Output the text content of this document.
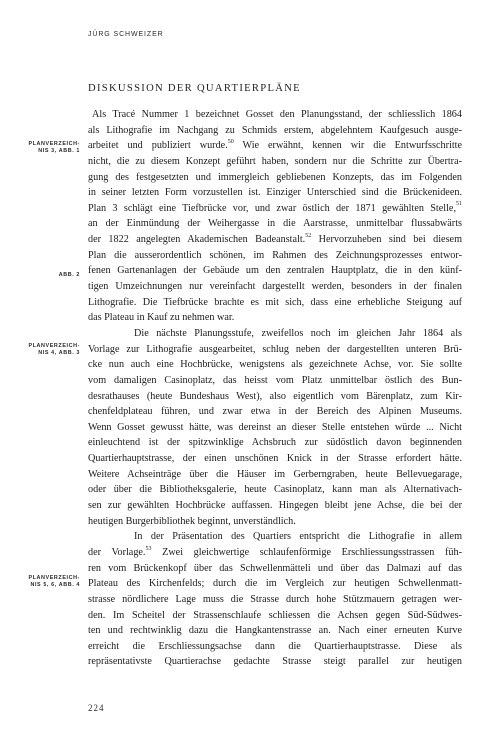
JÜRG SCHWEIZER
DISKUSSION DER QUARTIERPLÄNE
PLANVERZEICH-
NIS 3, ABB. 1
ABB. 2
PLANVERZEICH-
NIS 4, ABB. 3
PLANVERZEICH-
NIS 5, 6, ABB. 4
Als Tracé Nummer 1 bezeichnet Gosset den Planungsstand, der schliesslich 1864
als Lithografie im Nachgang zu Schmids erstem, abgelehntem Kaufgesuch ausge-
arbeitet und publiziert wurde.$^{50}$ Wie erwähnt, kennen wir die Entwurfsschritte
nicht, die zu diesem Konzept geführt haben, sondern nur die Schritte zur Übertra-
gung des festgesetzten und immergleich gebliebenen Konzepts, das im Folgenden
in seiner letzten Form vorzustellen ist. Einziger Unterschied sind die Brückenideen.
Plan 3 schlägt eine Tiefbrücke vor, und zwar östlich der 1871 gewählten Stelle,$^{51}$
an der Einmündung der Weihergasse in die Aarstrasse, unmittelbar flussabwärts
der 1822 angelegten Akademischen Badeanstalt.$^{52}$ Hervorzuheben sind bei diesem
Plan die ausserordentlich schönen, im Rahmen des Zeichnungsprozesses entwor-
fenen Gartenanlagen der Gebäude um den zentralen Hauptplatz, die in den künf-
tigen Umzeichnungen nur vereinfacht dargestellt werden, besonders in der finalen
Lithografie. Die Tiefbrücke brachte es mit sich, dass eine erhebliche Steigung auf
das Plateau in Kauf zu nehmen war.
Die nächste Planungsstufe, zweifellos noch im gleichen Jahr 1864 als
Vorlage zur Lithografie ausgearbeitet, schlug neben der dargestellten unteren Brü-
cke nun auch eine Hochbrücke, wenigstens als gezeichnete Achse, vor. Sie sollte
vom damaligen Casinoplatz, das heisst vom Platz unmittelbar östlich des Bun-
desrathauses (heute Bundeshaus West), also eigentlich vom Bärenplatz, zum Kir-
chenfeldplateau führen, und zwar etwa in der Bereich des Alpinen Museums.
Wenn Gosset gewusst hätte, was dereinst an dieser Stelle entstehen würde ... Nicht
einleuchtend ist der spitzwinklige Achsbruch zur südöstlich davon beginnenden
Quartierhauptstrasse, der einen unschönen Knick in der Strasse erfordert hätte.
Weitere Achseinträge über die Häuser im Gerberngraben, heute Bellevuegarage,
oder über die Bibliotheksgalerie, heute Casinoplatz, kann man als Alternativach-
sen zur gewählten Hochbrücke auffassen. Hingegen bleibt jene Achse, die bei der
heutigen Burgerbibliothek beginnt, unverständlich.
In der Präsentation des Quartiers entspricht die Lithografie in allem
der Vorlage.$^{53}$ Zwei gleichwertige schlaufenförmige Erschliessungsstrassen füh-
ren vom Brückenkopf über das Schwellenmätteli und über das Dalmazi auf das
Plateau des Kirchenfelds; durch die im Vergleich zur heutigen Schwellenmatt-
strasse nördlichere Lage muss die Strasse durch hohe Stützmauern getragen wer-
den. Im Scheitel der Strassenschlaufe schliessen die Achsen gegen Süd-Südwes-
ten und rechtwinklig dazu die Hangkantenstrasse an. Nach einer erneuten Kurve
erreicht die Erschliessungsachse dann die Quartierhauptstrasse. Diese als
repräsentativste Quartierachse gedachte Strasse steigt parallel zur heutigen
224
